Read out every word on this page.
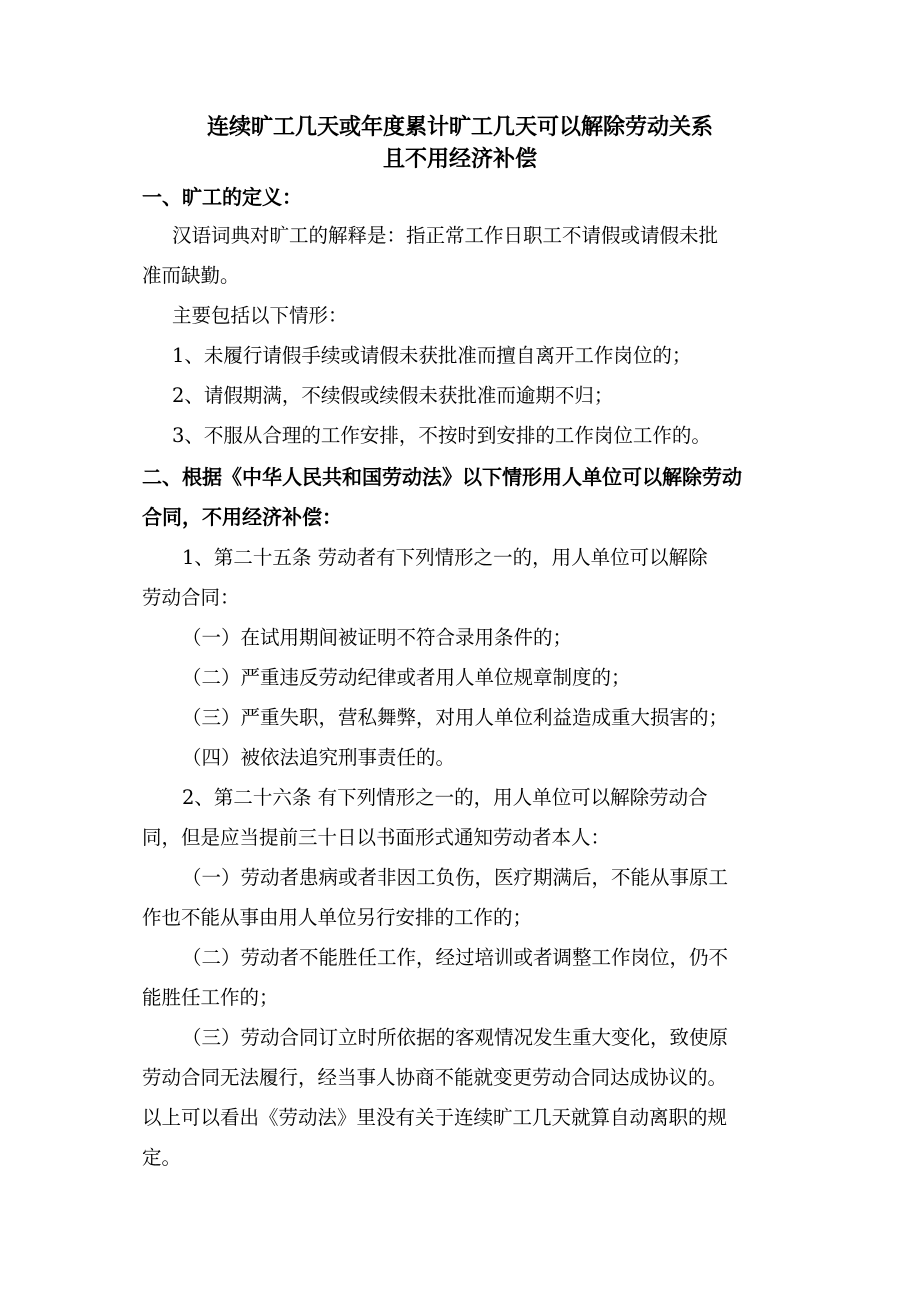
连续旷工几天或年度累计旷工几天可以解除劳动关系
且不用经济补偿
一、旷工的定义：
汉语词典对旷工的解释是：指正常工作日职工不请假或请假未批
准而缺勤。
主要包括以下情形：
1、未履行请假手续或请假未获批准而擅自离开工作岗位的；
2、请假期满，不续假或续假未获批准而逾期不归；
3、不服从合理的工作安排，不按时到安排的工作岗位工作的。
二、根据《中华人民共和国劳动法》以下情形用人单位可以解除劳动
合同，不用经济补偿：
1、第二十五条 劳动者有下列情形之一的，用人单位可以解除
劳动合同：
（一）在试用期间被证明不符合录用条件的；
（二）严重违反劳动纪律或者用人单位规章制度的；
（三）严重失职，营私舞弊，对用人单位利益造成重大损害的；
（四）被依法追究刑事责任的。
2、第二十六条 有下列情形之一的，用人单位可以解除劳动合
同，但是应当提前三十日以书面形式通知劳动者本人：
（一）劳动者患病或者非因工负伤，医疗期满后，不能从事原工
作也不能从事由用人单位另行安排的工作的；
（二）劳动者不能胜任工作，经过培训或者调整工作岗位，仍不
能胜任工作的；
（三）劳动合同订立时所依据的客观情况发生重大变化，致使原
劳动合同无法履行，经当事人协商不能就变更劳动合同达成协议的。
以上可以看出《劳动法》里没有关于连续旷工几天就算自动离职的规
定。
